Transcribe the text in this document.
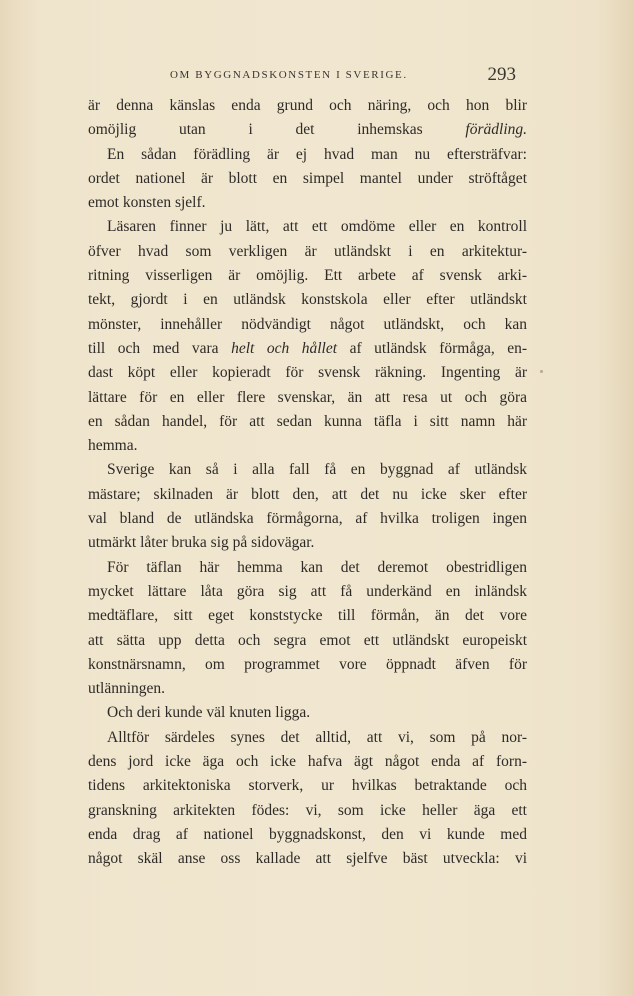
OM BYGGNADSKONSTEN I SVERIGE.	293
är denna känslas enda grund och näring, och hon blir
omöjlig utan i det inhemskas	förädling.
En sådan förädling är ej hvad man nu eftersträfvar:
ordet nationel är blott en simpel mantel under ströftåget
emot konsten sjelf.
Läsaren finner ju lätt, att ett omdöme eller en kontroll
öfver hvad som verkligen är utländskt i en arkitektur-
ritning visserligen är omöjlig. Ett arbete af svensk arki-
tekt, gjordt i en utländsk konstskola eller efter utländskt
mönster, innehåller nödvändigt något utländskt, och kan
till och med vara helt och hållet af utländsk förmåga, en-
dast köpt eller kopieradt för svensk räkning. Ingenting är
lättare för en eller flere svenskar, än att resa ut och göra
en sådan handel, för att sedan kunna täfla i sitt namn här
hemma.
Sverige kan så i alla fall få en byggnad af utländsk
mästare; skilnaden är blott den, att det nu icke sker efter
val bland de utländska förmågorna, af hvilka troligen ingen
utmärkt låter bruka sig på sidovägar.
För täflan här hemma kan det deremot obestridligen
mycket lättare låta göra sig att få underkänd en inländsk
medtäflare, sitt eget konststycke till förmån, än det vore
att sätta upp detta och segra emot ett utländskt europeiskt
konstnärsnamn, om programmet vore öppnadt äfven för
utlänningen.
Och deri kunde väl knuten ligga.
Alltför särdeles synes det alltid, att vi, som på nor-
dens jord icke äga och icke hafva ägt något enda af forn-
tidens arkitektoniska storverk, ur hvilkas betraktande och
granskning arkitekten födes: vi, som icke heller äga ett
enda drag af nationel byggnadskonst, den vi kunde med
något skäl anse oss kallade att sjelfve bäst utveckla: vi
